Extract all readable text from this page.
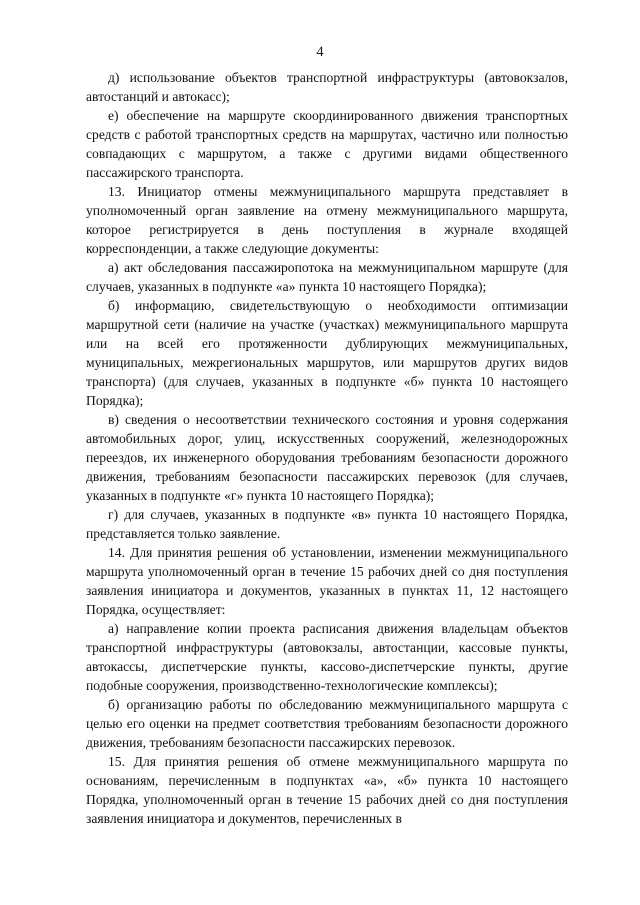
4

д) использование объектов транспортной инфраструктуры (автовокзалов, автостанций и автокасс);

е) обеспечение на маршруте скоординированного движения транспортных средств с работой транспортных средств на маршрутах, частично или полностью совпадающих с маршрутом, а также с другими видами общественного пассажирского транспорта.

13. Инициатор отмены межмуниципального маршрута представляет в уполномоченный орган заявление на отмену межмуниципального маршрута, которое регистрируется в день поступления в журнале входящей корреспонденции, а также следующие документы:

а) акт обследования пассажиропотока на межмуниципальном маршруте (для случаев, указанных в подпункте «а» пункта 10 настоящего Порядка);

б) информацию, свидетельствующую о необходимости оптимизации маршрутной сети (наличие на участке (участках) межмуниципального маршрута или на всей его протяженности дублирующих межмуниципальных, муниципальных, межрегиональных маршрутов, или маршрутов других видов транспорта) (для случаев, указанных в подпункте «б» пункта 10 настоящего Порядка);

в) сведения о несоответствии технического состояния и уровня содержания автомобильных дорог, улиц, искусственных сооружений, железнодорожных переездов, их инженерного оборудования требованиям безопасности дорожного движения, требованиям безопасности пассажирских перевозок (для случаев, указанных в подпункте «г» пункта 10 настоящего Порядка);

г) для случаев, указанных в подпункте «в» пункта 10 настоящего Порядка, представляется только заявление.

14. Для принятия решения об установлении, изменении межмуниципального маршрута уполномоченный орган в течение 15 рабочих дней со дня поступления заявления инициатора и документов, указанных в пунктах 11, 12 настоящего Порядка, осуществляет:

а) направление копии проекта расписания движения владельцам объектов транспортной инфраструктуры (автовокзалы, автостанции, кассовые пункты, автокассы, диспетчерские пункты, кассово-диспетчерские пункты, другие подобные сооружения, производственно-технологические комплексы);

б) организацию работы по обследованию межмуниципального маршрута с целью его оценки на предмет соответствия требованиям безопасности дорожного движения, требованиям безопасности пассажирских перевозок.

15. Для принятия решения об отмене межмуниципального маршрута по основаниям, перечисленным в подпунктах «а», «б» пункта 10 настоящего Порядка, уполномоченный орган в течение 15 рабочих дней со дня поступления заявления инициатора и документов, перечисленных в
